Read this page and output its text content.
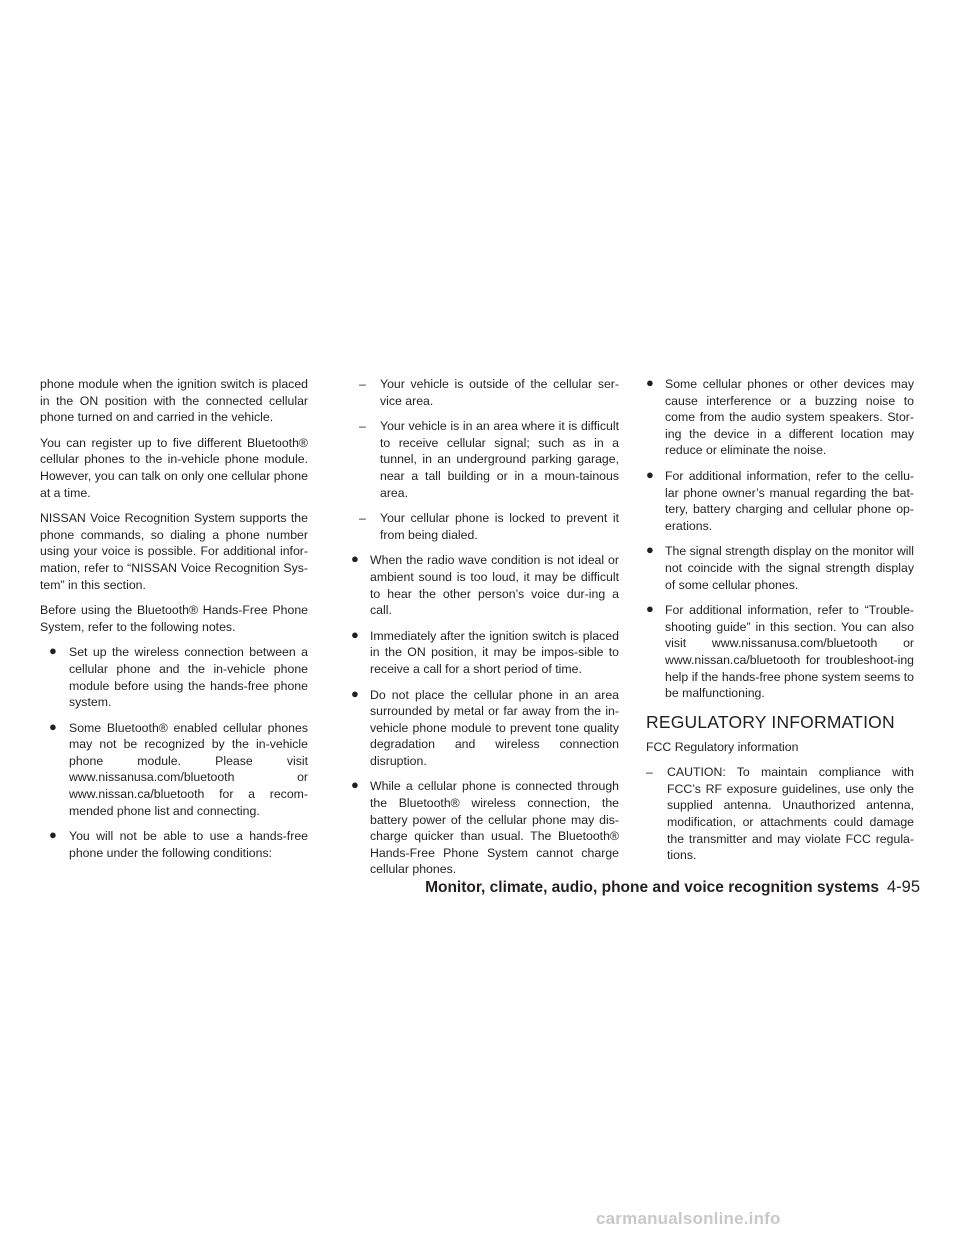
phone module when the ignition switch is placed in the ON position with the connected cellular phone turned on and carried in the vehicle.

You can register up to five different Bluetooth® cellular phones to the in-vehicle phone module. However, you can talk on only one cellular phone at a time.

NISSAN Voice Recognition System supports the phone commands, so dialing a phone number using your voice is possible. For additional infor-mation, refer to “NISSAN Voice Recognition Sys-tem” in this section.

Before using the Bluetooth® Hands-Free Phone System, refer to the following notes.

● Set up the wireless connection between a cellular phone and the in-vehicle phone module before using the hands-free phone system.
● Some Bluetooth® enabled cellular phones may not be recognized by the in-vehicle phone module. Please visit www.nissanusa.com/bluetooth or www.nissan.ca/bluetooth for a recom-mended phone list and connecting.
● You will not be able to use a hands-free phone under the following conditions:
– Your vehicle is outside of the cellular ser-vice area.
– Your vehicle is in an area where it is difficult to receive cellular signal; such as in a tunnel, in an underground parking garage, near a tall building or in a moun-tainous area.
– Your cellular phone is locked to prevent it from being dialed.
● When the radio wave condition is not ideal or ambient sound is too loud, it may be difficult to hear the other person’s voice dur-ing a call.
● Immediately after the ignition switch is placed in the ON position, it may be impos-sible to receive a call for a short period of time.
● Do not place the cellular phone in an area surrounded by metal or far away from the in-vehicle phone module to prevent tone quality degradation and wireless connection disruption.
● While a cellular phone is connected through the Bluetooth® wireless connection, the battery power of the cellular phone may dis-charge quicker than usual. The Bluetooth® Hands-Free Phone System cannot charge cellular phones.
● Some cellular phones or other devices may cause interference or a buzzing noise to come from the audio system speakers. Stor-ing the device in a different location may reduce or eliminate the noise.
● For additional information, refer to the cellu-lar phone owner’s manual regarding the bat-tery, battery charging and cellular phone op-erations.
● The signal strength display on the monitor will not coincide with the signal strength display of some cellular phones.
● For additional information, refer to “Trouble-shooting guide” in this section. You can also visit www.nissanusa.com/bluetooth or www.nissan.ca/bluetooth for troubleshoot-ing help if the hands-free phone system seems to be malfunctioning.
REGULATORY INFORMATION

FCC Regulatory information

– CAUTION: To maintain compliance with FCC’s RF exposure guidelines, use only the supplied antenna. Unauthorized antenna, modification, or attachments could damage the transmitter and may violate FCC regula-tions.
Monitor, climate, audio, phone and voice recognition systems 4-95
carmanualsonline.info
